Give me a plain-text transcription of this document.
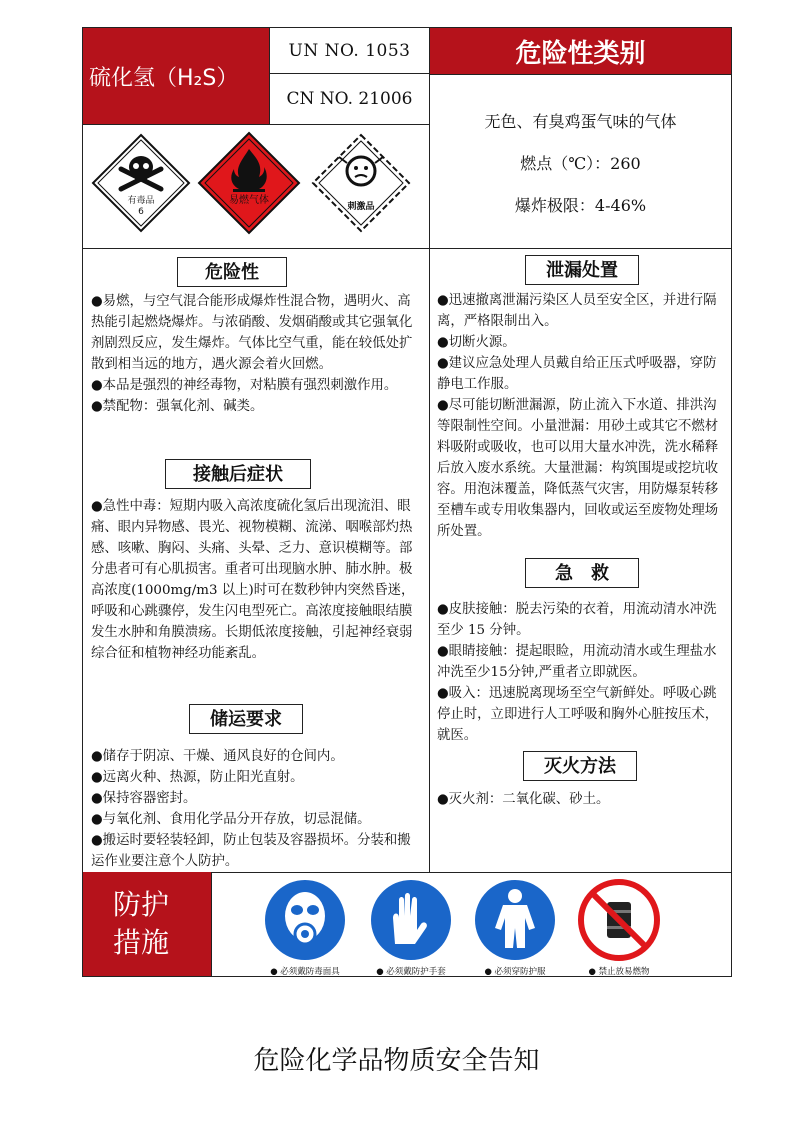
硫化氢（H₂S）
UN NO. 1053
CN NO. 21006
危险性类别
无色、有臭鸡蛋气味的气体
燃点（℃）：260
爆炸极限：4-46%
有毒品
6
易燃气体
刺激品
危险性

●易燃，与空气混合能形成爆炸性混合物，遇明火、高热能引起燃烧爆炸。与浓硝酸、发烟硝酸或其它强氧化剂剧烈反应，发生爆炸。气体比空气重，能在较低处扩散到相当远的地方，遇火源会着火回燃。

●本品是强烈的神经毒物，对粘膜有强烈刺激作用。

●禁配物：强氧化剂、碱类。

接触后症状

●急性中毒：短期内吸入高浓度硫化氢后出现流泪、眼痛、眼内异物感、畏光、视物模糊、流涕、咽喉部灼热感、咳嗽、胸闷、头痛、头晕、乏力、意识模糊等。部分患者可有心肌损害。重者可出现脑水肿、肺水肿。极高浓度(1000mg/m3 以上)时可在数秒钟内突然昏迷，呼吸和心跳骤停，发生闪电型死亡。高浓度接触眼结膜发生水肿和角膜溃疡。长期低浓度接触，引起神经衰弱综合征和植物神经功能紊乱。

储运要求

●储存于阴凉、干燥、通风良好的仓间内。

●远离火种、热源，防止阳光直射。

●保持容器密封。

●与氧化剂、食用化学品分开存放，切忌混储。

●搬运时要轻装轻卸，防止包装及容器损坏。分装和搬运作业要注意个人防护。

泄漏处置

●迅速撤离泄漏污染区人员至安全区，并进行隔离，严格限制出入。

●切断火源。

●建议应急处理人员戴自给正压式呼吸器，穿防静电工作服。

●尽可能切断泄漏源，防止流入下水道、排洪沟等限制性空间。小量泄漏：用砂土或其它不燃材料吸附或吸收，也可以用大量水冲洗，洗水稀释后放入废水系统。大量泄漏：构筑围堤或挖坑收容。用泡沫覆盖，降低蒸气灾害，用防爆泵转移至槽车或专用收集器内，回收或运至废物处理场所处置。

急　救

●皮肤接触：脱去污染的衣着，用流动清水冲洗至少 15 分钟。

●眼睛接触：提起眼睑，用流动清水或生理盐水冲洗至少15分钟,严重者立即就医。

●吸入：迅速脱离现场至空气新鲜处。呼吸心跳停止时，立即进行人工呼吸和胸外心脏按压术，就医。

灭火方法

●灭火剂：二氧化碳、砂土。

防护
措施
● 必须戴防毒面具	● 必须戴防护手套	● 必须穿防护服	● 禁止放易燃物
危险化学品物质安全告知
